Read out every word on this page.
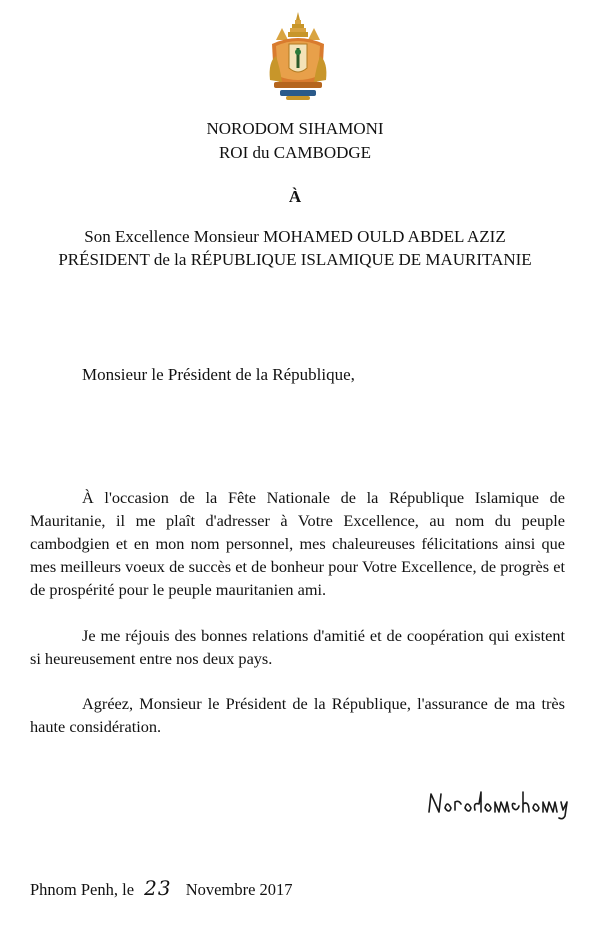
NORODOM SIHAMONI
ROI du CAMBODGE
À
Son Excellence Monsieur MOHAMED OULD ABDEL AZIZ
PRÉSIDENT de la RÉPUBLIQUE ISLAMIQUE DE MAURITANIE
Monsieur le Président de la République,
À l'occasion de la Fête Nationale de la République Islamique de Mauritanie, il me plaît d'adresser à Votre Excellence, au nom du peuple cambodgien et en mon nom personnel, mes chaleureuses félicitations ainsi que mes meilleurs voeux de succès et de bonheur pour Votre Excellence, de progrès et de prospérité pour le peuple mauritanien ami.
Je me réjouis des bonnes relations d'amitié et de coopération qui existent si heureusement entre nos deux pays.
Agréez, Monsieur le Président de la République, l'assurance de ma très haute considération.
Phnom Penh, le 23 Novembre 2017
